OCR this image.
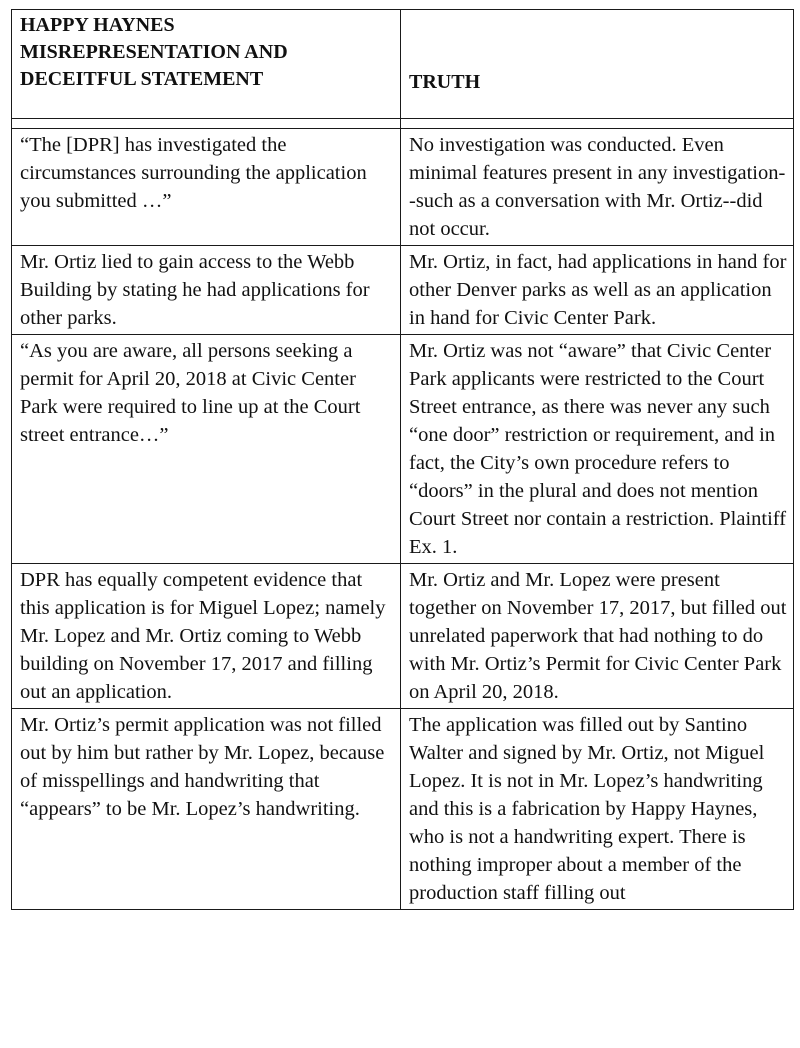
HAPPY HAYNES MISREPRESENTATION AND DECEITFUL STATEMENT	TRUTH

“The [DPR] has investigated the circumstances surrounding the application you submitted …”	No investigation was conducted. Even minimal features present in any investigation--such as a conversation with Mr. Ortiz--did not occur.

Mr. Ortiz lied to gain access to the Webb Building by stating he had applications for other parks.	Mr. Ortiz, in fact, had applications in hand for other Denver parks as well as an application in hand for Civic Center Park.

“As you are aware, all persons seeking a permit for April 20, 2018 at Civic Center Park were required to line up at the Court street entrance…”	Mr. Ortiz was not “aware” that Civic Center Park applicants were restricted to the Court Street entrance, as there was never any such “one door” restriction or requirement, and in fact, the City’s own procedure refers to “doors” in the plural and does not mention Court Street nor contain a restriction. Plaintiff Ex. 1.

DPR has equally competent evidence that this application is for Miguel Lopez; namely Mr. Lopez and Mr. Ortiz coming to Webb building on November 17, 2017 and filling out an application.	Mr. Ortiz and Mr. Lopez were present together on November 17, 2017, but filled out unrelated paperwork that had nothing to do with Mr. Ortiz’s Permit for Civic Center Park on April 20, 2018.

Mr. Ortiz’s permit application was not filled out by him but rather by Mr. Lopez, because of misspellings and handwriting that “appears” to be Mr. Lopez’s handwriting.	The application was filled out by Santino Walter and signed by Mr. Ortiz, not Miguel Lopez. It is not in Mr. Lopez’s handwriting and this is a fabrication by Happy Haynes, who is not a handwriting expert. There is nothing improper about a member of the production staff filling out
